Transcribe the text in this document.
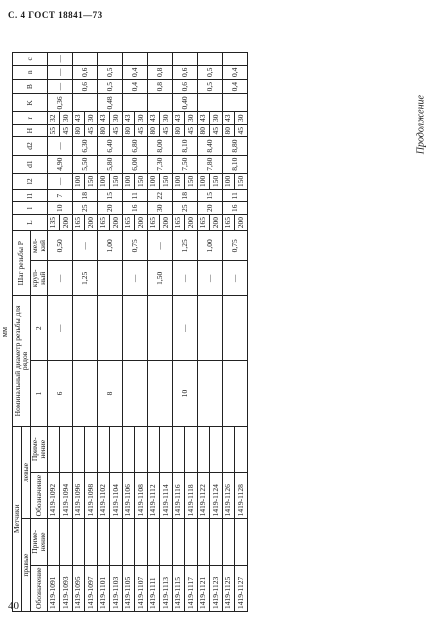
С. 4 ГОСТ 18841—73
Продолжение
40
мм
Метчики				Номинальный диаметр резьбы для рядов		Шаг резьбы P		L	l	l1	l2	d1	d2	H	r	K	B	n	c
правые		левые																	
Обозначение	Приме-нение	Обозначение	Приме-нение	1	2	круп-ный	мел-кий												
1419-1091		1419-1092		6	—	—	0,50	135	10	7	—	4,90	—	55	32	0,36	—	—	—
1419-1093		1419-1094						200						45	30				
1419-1095		1419-1096				1,25	—	165	25	18	100	5,50	6,30	80	43		0,6	0,6	
1419-1097		1419-1098						200			150			45	30				
1419-1101		1419-1102		8			1,00	165	20	15	100	5,80	6,40	80	43	0,48	0,5	0,5	
1419-1103		1419-1104						200			150			45	30				
1419-1105		1419-1106				—	0,75	165	16	11	100	6,00	6,80	80	43		0,4	0,4	
1419-1107		1419-1108						200			150			45	30				
1419-1111		1419-1112				1,50	—	165	30	22	100	7,30	8,00	80	43		0,8	0,8	
1419-1113		1419-1114						200			150			45	30				
1419-1115		1419-1116		10	—	—	1,25	165	25	18	100	7,50	8,10	80	43	0,40	0,6	0,6	
1419-1117		1419-1118						200			150			45	30				
1419-1121		1419-1122				—	1,00	165	20	15	100	7,80	8,40	80	43		0,5	0,5	
1419-1123		1419-1124						200			150			45	30				
1419-1125		1419-1126				—	0,75	165	16	11	100	8,10	8,80	80	43		0,4	0,4	
1419-1127		1419-1128						200			150			45	30				
